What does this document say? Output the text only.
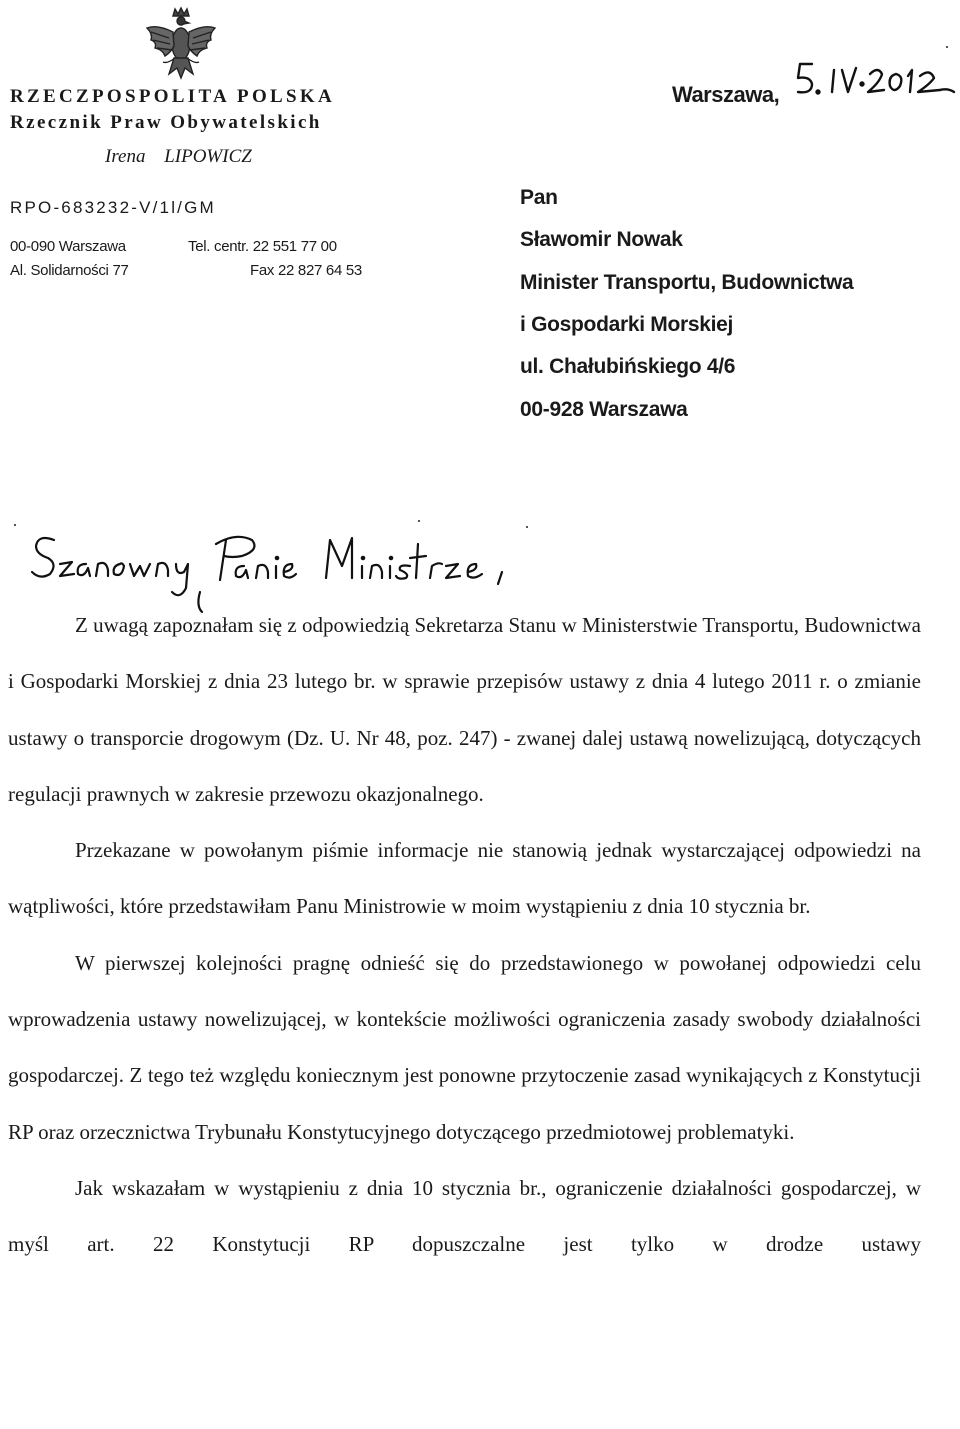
RZECZPOSPOLITA POLSKA
Rzecznik Praw Obywatelskich
Irena LIPOWICZ
RPO-683232-V/1l/GM
00-090 Warszawa	Tel. centr. 22 551 77 00
Al. Solidarności 77	Fax 22 827 64 53
Warszawa,
Pan
Sławomir Nowak
Minister Transportu, Budownictwa
i Gospodarki Morskiej
ul. Chałubińskiego 4/6
00-928 Warszawa

Z uwagą zapoznałam się z odpowiedzią Sekretarza Stanu w Ministerstwie Transportu, Budownictwa i Gospodarki Morskiej z dnia 23 lutego br. w sprawie przepisów ustawy z dnia 4 lutego 2011 r. o zmianie ustawy o transporcie drogowym (Dz. U. Nr 48, poz. 247) - zwanej dalej ustawą nowelizującą, dotyczących regulacji prawnych w zakresie przewozu okazjonalnego.

Przekazane w powołanym piśmie informacje nie stanowią jednak wystarczającej odpowiedzi na wątpliwości, które przedstawiłam Panu Ministrowie w moim wystąpieniu z dnia 10 stycznia br.

W pierwszej kolejności pragnę odnieść się do przedstawionego w powołanej odpowiedzi celu wprowadzenia ustawy nowelizującej, w kontekście możliwości ograniczenia zasady swobody działalności gospodarczej. Z tego też względu koniecznym jest ponowne przytoczenie zasad wynikających z Konstytucji RP oraz orzecznictwa Trybunału Konstytucyjnego dotyczącego przedmiotowej problematyki.

Jak wskazałam w wystąpieniu z dnia 10 stycznia br., ograniczenie działalności gospodarczej, w myśl art. 22 Konstytucji RP dopuszczalne jest tylko w drodze ustawy
